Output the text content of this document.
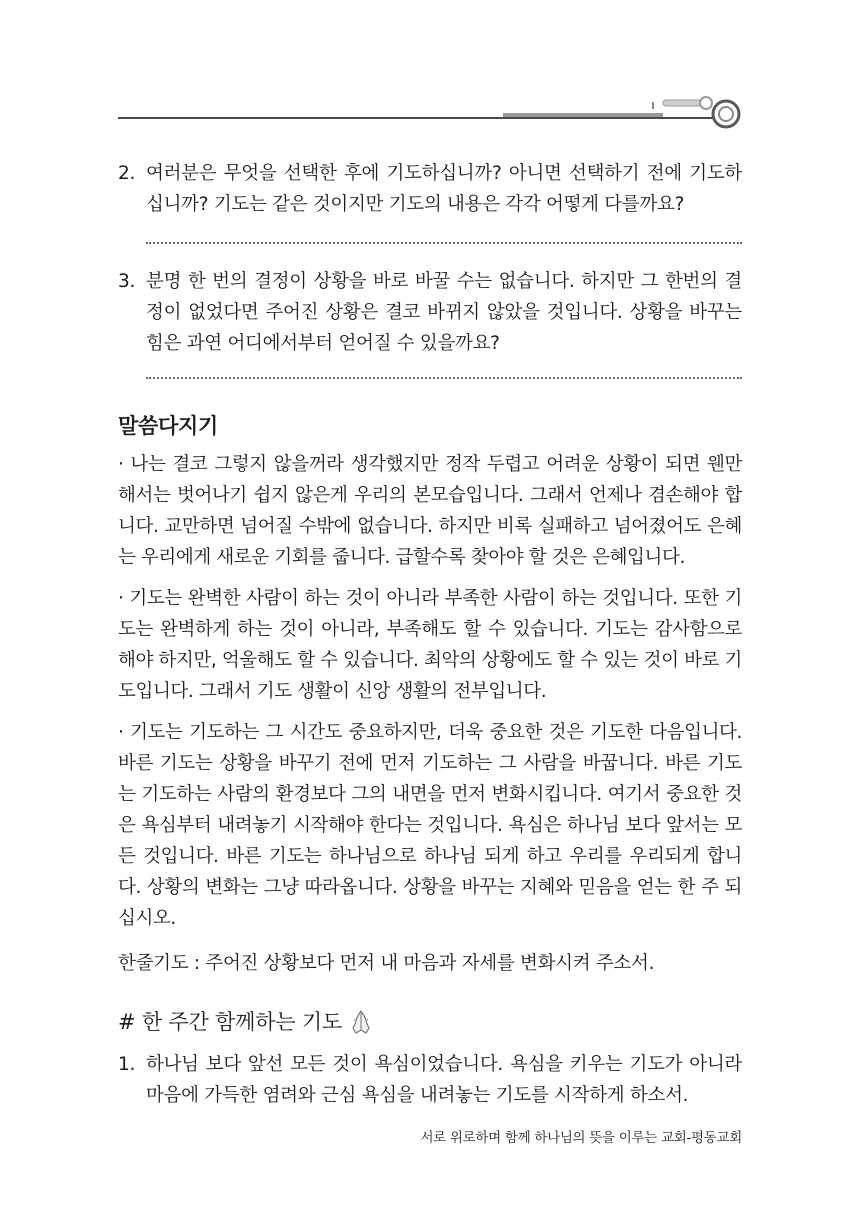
2. 여러분은 무엇을 선택한 후에 기도하십니까? 아니면 선택하기 전에 기도하십니까? 기도는 같은 것이지만 기도의 내용은 각각 어떻게 다를까요?

3. 분명 한 번의 결정이 상황을 바로 바꿀 수는 없습니다. 하지만 그 한번의 결정이 없었다면 주어진 상황은 결코 바뀌지 않았을 것입니다. 상황을 바꾸는 힘은 과연 어디에서부터 얻어질 수 있을까요?

말씀다지기

· 나는 결코 그렇지 않을꺼라 생각했지만 정작 두렵고 어려운 상황이 되면 웬만해서는 벗어나기 쉽지 않은게 우리의 본모습입니다. 그래서 언제나 겸손해야 합니다. 교만하면 넘어질 수밖에 없습니다. 하지만 비록 실패하고 넘어졌어도 은혜는 우리에게 새로운 기회를 줍니다. 급할수록 찾아야 할 것은 은혜입니다.

· 기도는 완벽한 사람이 하는 것이 아니라 부족한 사람이 하는 것입니다. 또한 기도는 완벽하게 하는 것이 아니라, 부족해도 할 수 있습니다. 기도는 감사함으로 해야 하지만, 억울해도 할 수 있습니다. 최악의 상황에도 할 수 있는 것이 바로 기도입니다. 그래서 기도 생활이 신앙 생활의 전부입니다.

· 기도는 기도하는 그 시간도 중요하지만, 더욱 중요한 것은 기도한 다음입니다. 바른 기도는 상황을 바꾸기 전에 먼저 기도하는 그 사람을 바꿉니다. 바른 기도는 기도하는 사람의 환경보다 그의 내면을 먼저 변화시킵니다. 여기서 중요한 것은 욕심부터 내려놓기 시작해야 한다는 것입니다. 욕심은 하나님 보다 앞서는 모든 것입니다. 바른 기도는 하나님으로 하나님 되게 하고 우리를 우리되게 합니다. 상황의 변화는 그냥 따라옵니다. 상황을 바꾸는 지혜와 믿음을 얻는 한 주 되십시오.

한줄기도 : 주어진 상황보다 먼저 내 마음과 자세를 변화시켜 주소서.

# 한 주간 함께하는 기도

1. 하나님 보다 앞선 모든 것이 욕심이었습니다. 욕심을 키우는 기도가 아니라 마음에 가득한 염려와 근심 욕심을 내려놓는 기도를 시작하게 하소서.

서로 위로하며 함께 하나님의 뜻을 이루는 교회-평동교회
